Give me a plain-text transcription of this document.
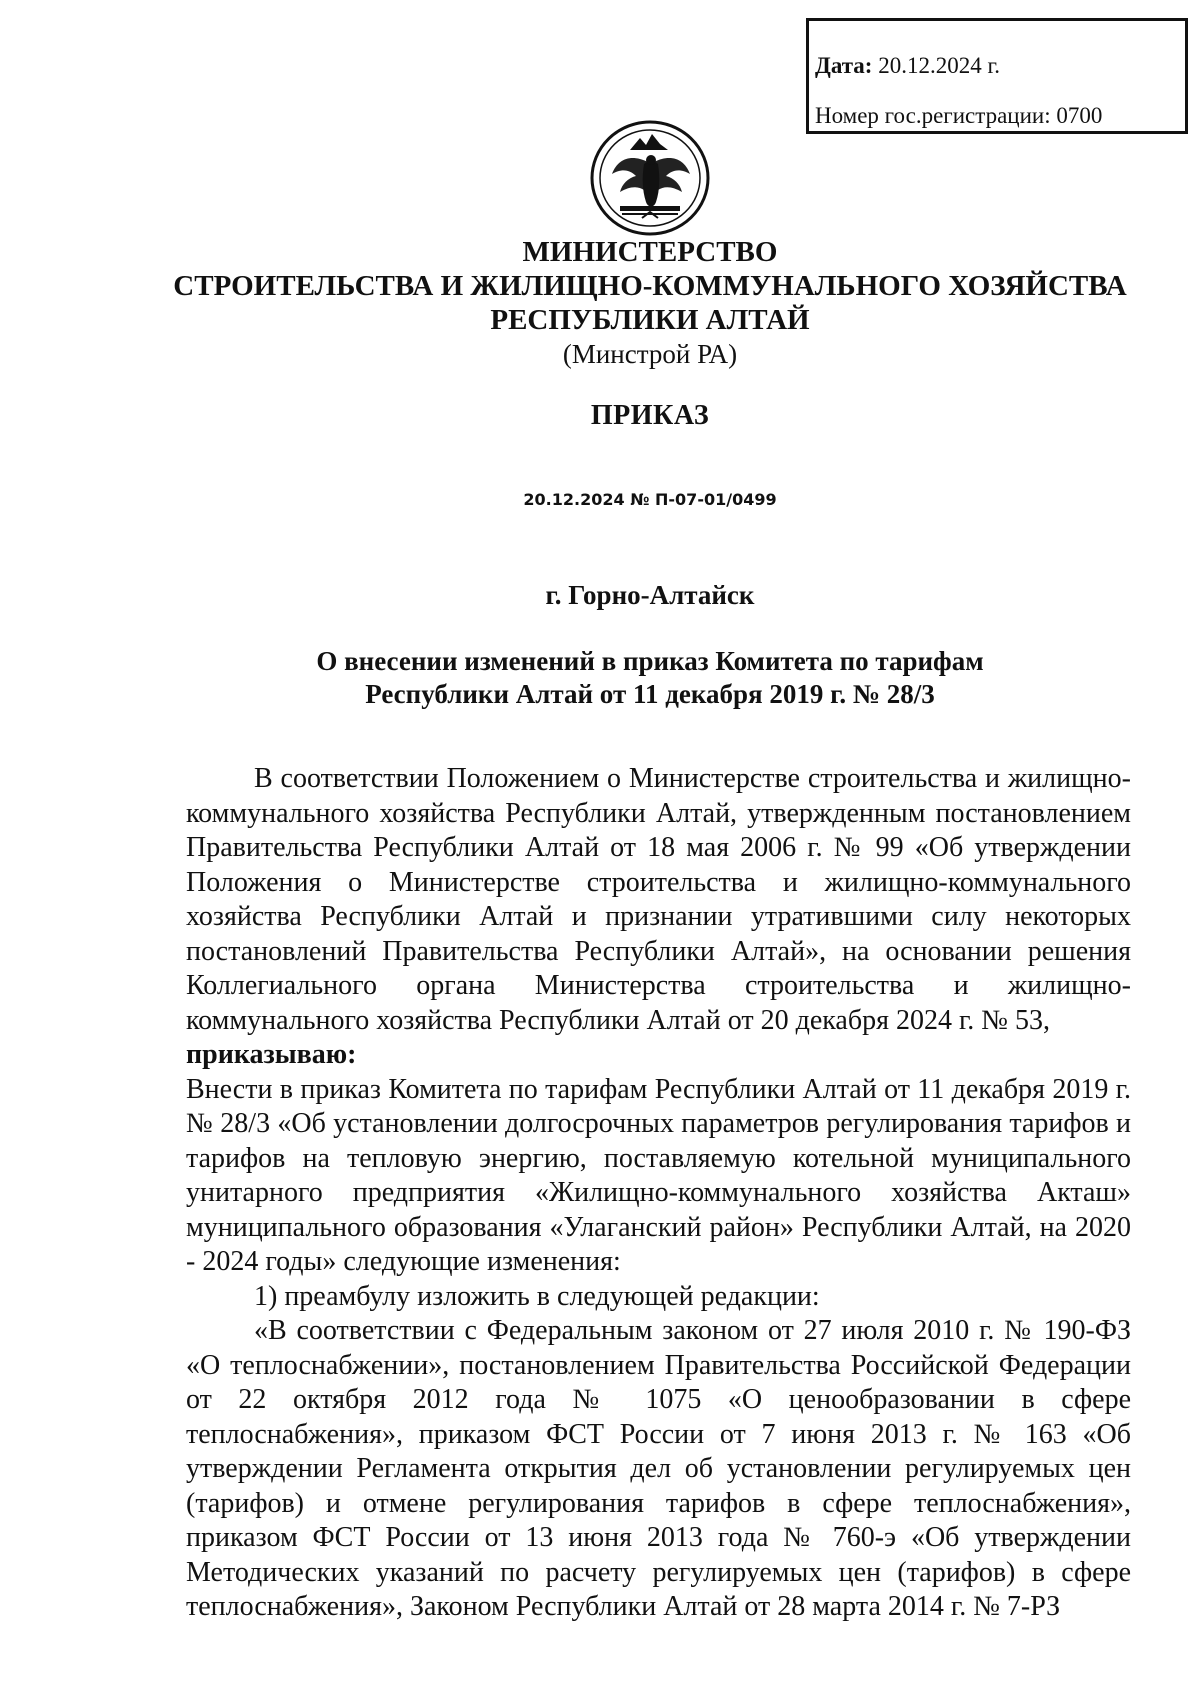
Дата: 20.12.2024 г.
Номер гос.регистрации: 0700
МИНИСТЕРСТВО
СТРОИТЕЛЬСТВА И ЖИЛИЩНО-КОММУНАЛЬНОГО ХОЗЯЙСТВА
РЕСПУБЛИКИ АЛТАЙ
(Минстрой РА)
ПРИКАЗ
20.12.2024 № П-07-01/0499
г. Горно-Алтайск
О внесении изменений в приказ Комитета по тарифам
Республики Алтай от 11 декабря 2019 г. № 28/3

В соответствии Положением о Министерстве строительства и жилищно-коммунального хозяйства Республики Алтай, утвержденным постановлением Правительства Республики Алтай от 18 мая 2006 г. № 99 «Об утверждении Положения о Министерстве строительства и жилищно-коммунального хозяйства Республики Алтай и признании утратившими силу некоторых постановлений Правительства Республики Алтай», на основании решения Коллегиального органа Министерства строительства и жилищно-коммунального хозяйства Республики Алтай от 20 декабря 2024 г. № 53,

приказываю:

Внести в приказ Комитета по тарифам Республики Алтай от 11 декабря 2019 г. № 28/3 «Об установлении долгосрочных параметров регулирования тарифов и тарифов на тепловую энергию, поставляемую котельной муниципального унитарного предприятия «Жилищно-коммунального хозяйства Акташ» муниципального образования «Улаганский район» Республики Алтай, на 2020 - 2024 годы» следующие изменения:

1) преамбулу изложить в следующей редакции:

«В соответствии с Федеральным законом от 27 июля 2010 г. № 190-ФЗ «О теплоснабжении», постановлением Правительства Российской Федерации от 22 октября 2012 года № 1075 «О ценообразовании в сфере теплоснабжения», приказом ФСТ России от 7 июня 2013 г. № 163 «Об утверждении Регламента открытия дел об установлении регулируемых цен (тарифов) и отмене регулирования тарифов в сфере теплоснабжения», приказом ФСТ России от 13 июня 2013 года № 760-э «Об утверждении Методических указаний по расчету регулируемых цен (тарифов) в сфере теплоснабжения», Законом Республики Алтай от 28 марта 2014 г. № 7-РЗ
